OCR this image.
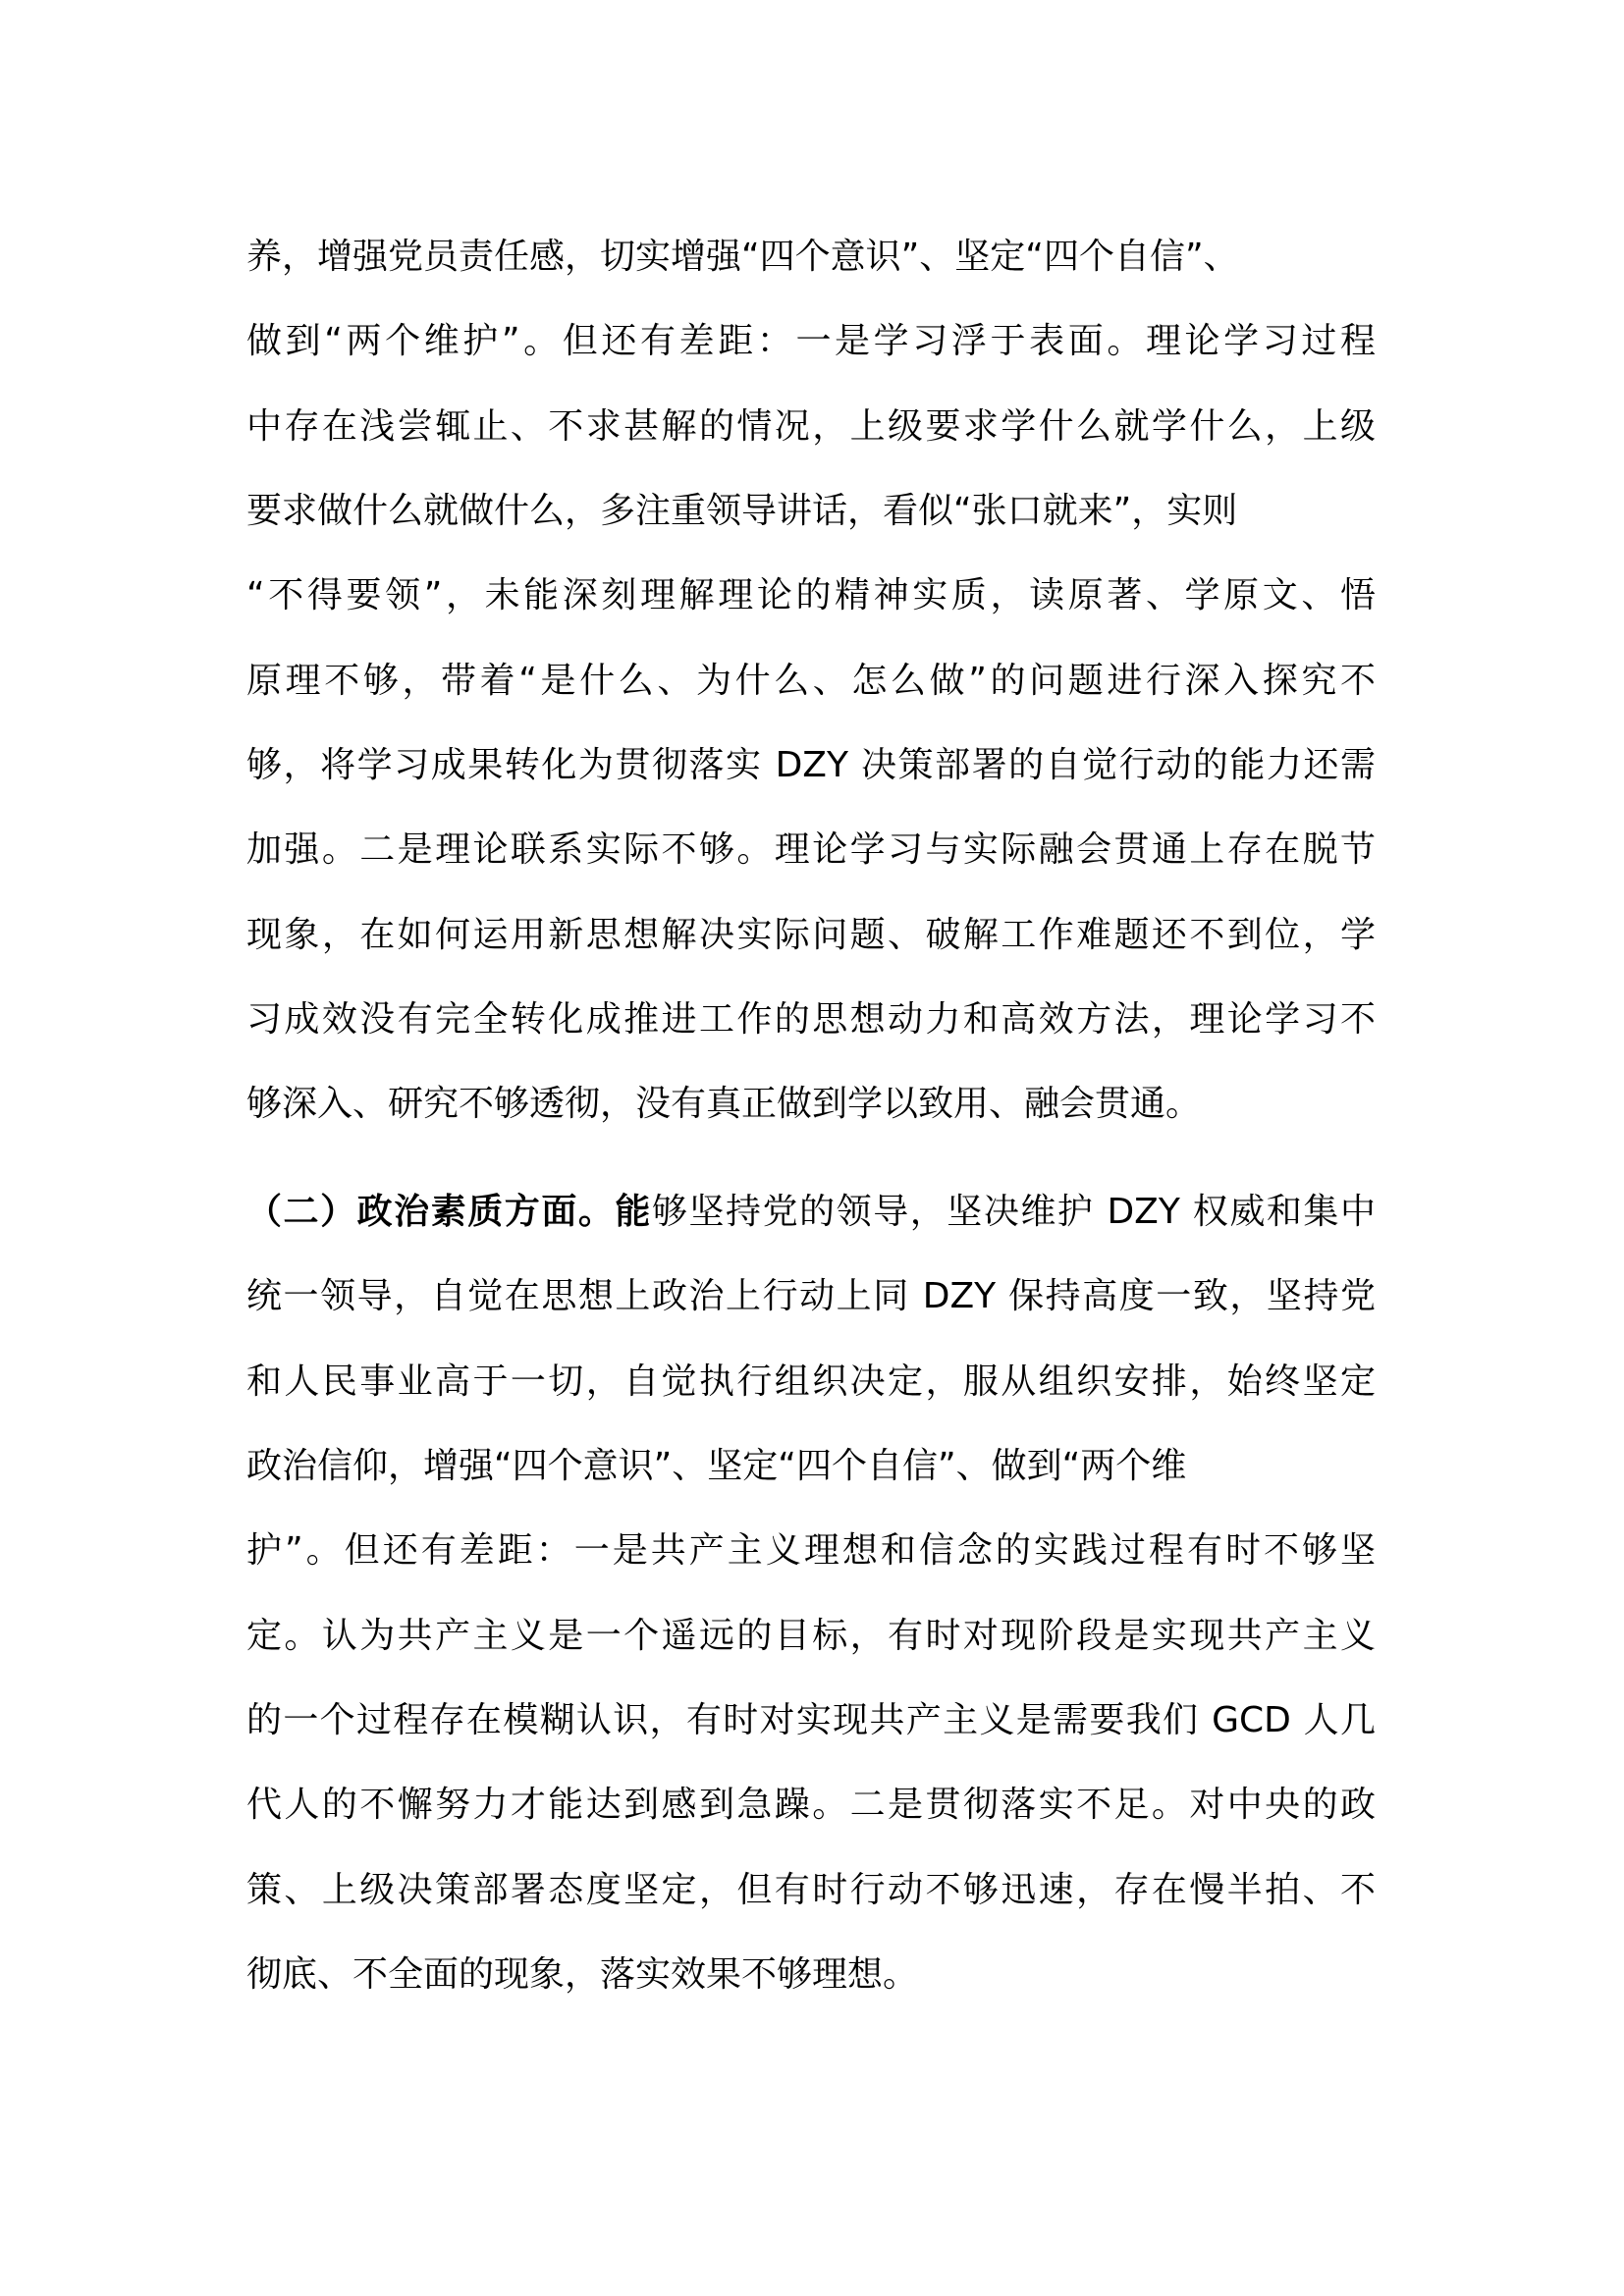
养，增强党员责任感，切实增强“四个意识”、坚定“四个自信”、
做到“两个维护”。但还有差距：一是学习浮于表面。理论学习过程
中存在浅尝辄止、不求甚解的情况，上级要求学什么就学什么，上级
要求做什么就做什么，多注重领导讲话，看似“张口就来”，实则
“不得要领”，未能深刻理解理论的精神实质，读原著、学原文、悟
原理不够，带着“是什么、为什么、怎么做”的问题进行深入探究不
够，将学习成果转化为贯彻落实 DZY 决策部署的自觉行动的能力还需
加强。二是理论联系实际不够。理论学习与实际融会贯通上存在脱节
现象，在如何运用新思想解决实际问题、破解工作难题还不到位，学
习成效没有完全转化成推进工作的思想动力和高效方法，理论学习不
够深入、研究不够透彻，没有真正做到学以致用、融会贯通。
（二）政治素质方面。能够坚持党的领导，坚决维护 DZY 权威和集中
统一领导，自觉在思想上政治上行动上同 DZY 保持高度一致，坚持党
和人民事业高于一切，自觉执行组织决定，服从组织安排，始终坚定
政治信仰，增强“四个意识”、坚定“四个自信”、做到“两个维
护”。但还有差距：一是共产主义理想和信念的实践过程有时不够坚
定。认为共产主义是一个遥远的目标，有时对现阶段是实现共产主义
的一个过程存在模糊认识，有时对实现共产主义是需要我们 GCD 人几
代人的不懈努力才能达到感到急躁。二是贯彻落实不足。对中央的政
策、上级决策部署态度坚定，但有时行动不够迅速，存在慢半拍、不
彻底、不全面的现象，落实效果不够理想。
